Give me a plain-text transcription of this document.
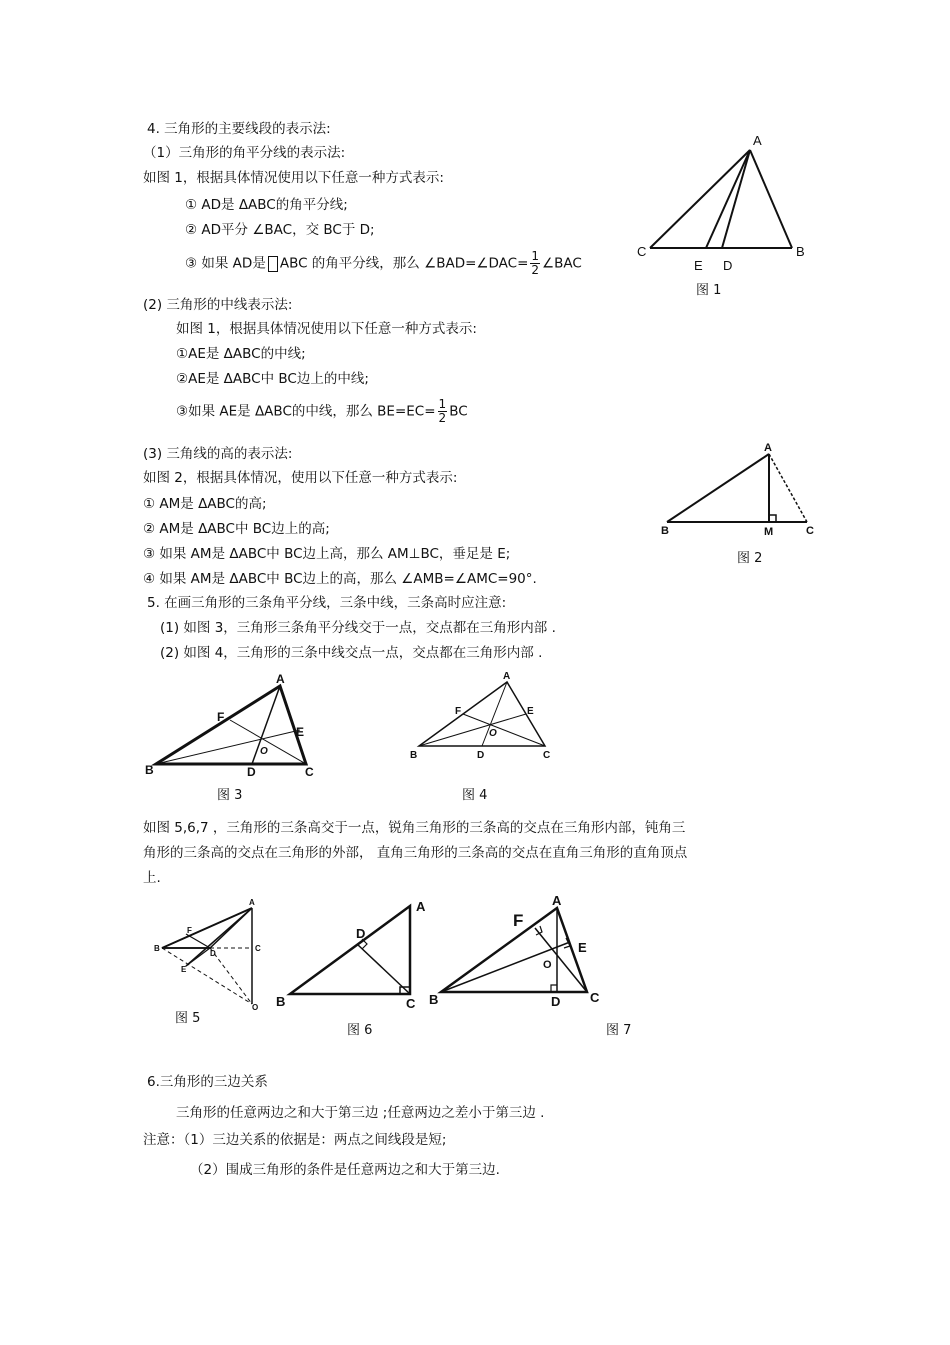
4. 三角形的主要线段的表示法:
（1）三角形的角平分线的表示法:
如图 1，根据具体情况使用以下任意一种方式表示:
① AD是 ΔABC的角平分线;
② AD平分 ∠BAC，交 BC于 D;
③ 如果 AD是 ABC 的角平分线，那么 ∠BAD=∠DAC= $\frac{1}{2}$ ∠BAC
(2) 三角形的中线表示法:
如图 1，根据具体情况使用以下任意一种方式表示:
①AE是 ΔABC的中线;
②AE是 ΔABC中 BC边上的中线;
③如果 AE是 ΔABC的中线，那么 $BE=EC= \frac{1}{2}$ BC
(3) 三角线的高的表示法:
如图 2，根据具体情况，使用以下任意一种方式表示:
① AM是 ΔABC的高;
② AM是 ΔABC中 BC边上的高;
③ 如果 AM是 ΔABC中 BC边上高，那么 AM⊥BC，垂足是 E;
④ 如果 AM是 ΔABC中 BC边上的高，那么 ∠AMB=∠AMC=90°.
5. 在画三角形的三条角平分线，三条中线，三条高时应注意:
(1) 如图 3，三角形三条角平分线交于一点，交点都在三角形内部 .
(2) 如图 4，三角形的三条中线交点一点，交点都在三角形内部 .
如图 5,6,7 ，三角形的三条高交于一点，锐角三角形的三条高的交点在三角形内部，钝角三
角形的三条高的交点在三角形的外部， 直角三角形的三条高的交点在直角三角形的直角顶点
上.
6.三角形的三边关系
三角形的任意两边之和大于第三边 ;任意两边之差小于第三边 .
注意：（1）三边关系的依据是：两点之间线段是短;
（2）围成三角形的条件是任意两边之和大于第三边.
A
B
C
E D
图 1
A
B	M	C
图 2
A
B	C
D
E
F
O
图 3
A
B	C
D
E
F
O
图 4
A
B	C
D
E
F
O
图 5
A
B	C
D
图 6
A
B	C
D
E
F
O
图 7
